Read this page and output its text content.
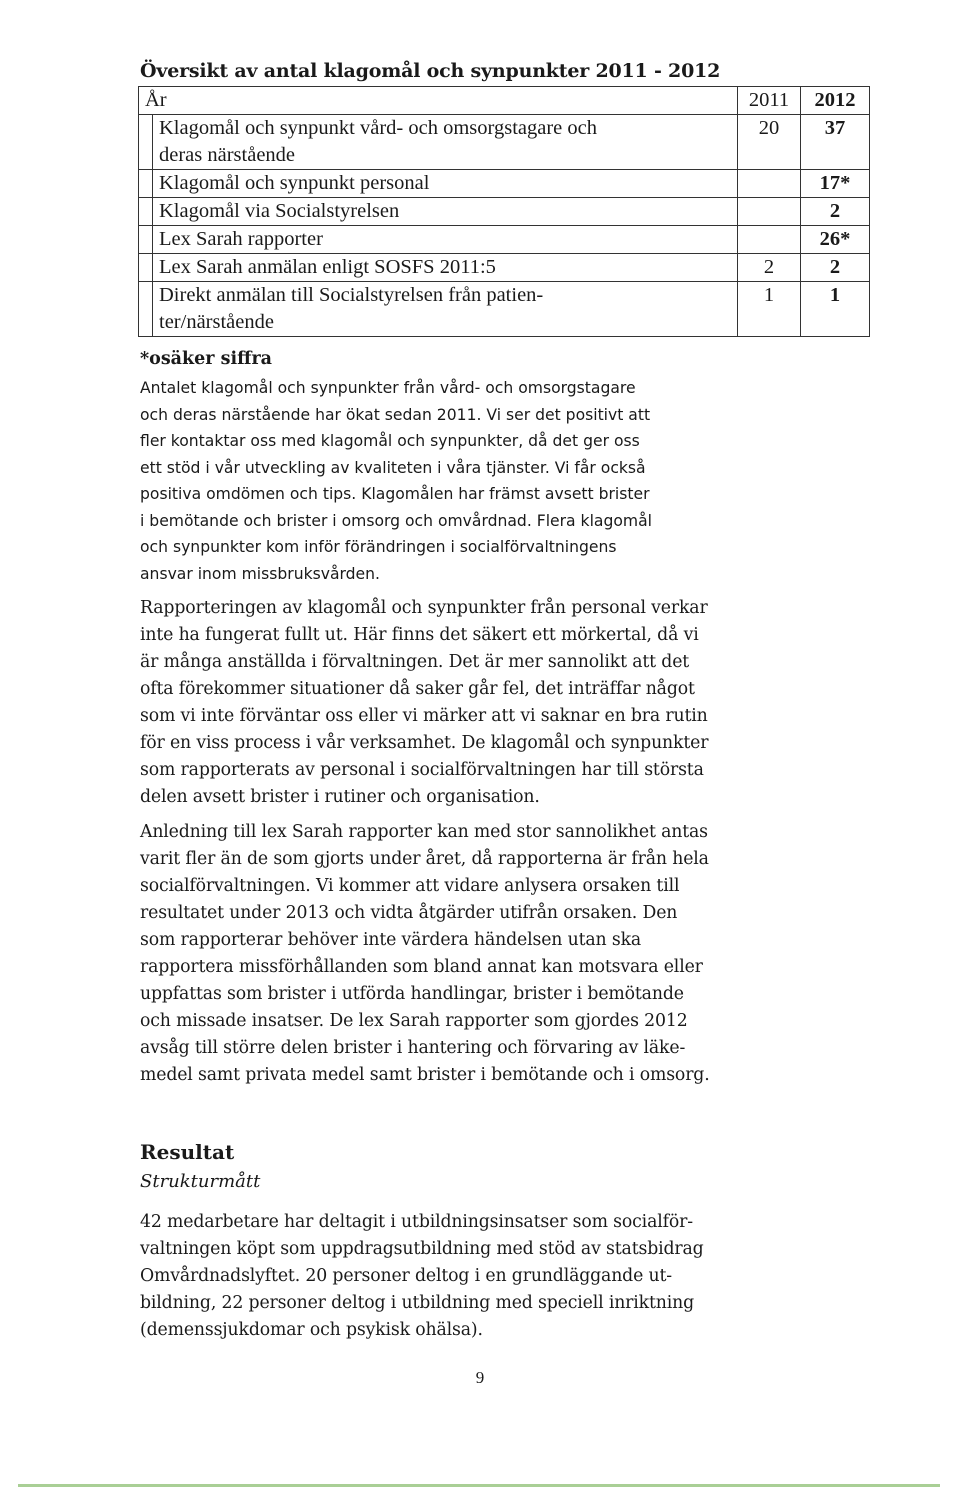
Översikt av antal klagomål och synpunkter 2011 - 2012
År		2011	2012

	Klagomål och synpunkt vård- och omsorgstagare och
deras närstående	20	37

	Klagomål och synpunkt personal		17*

	Klagomål via Socialstyrelsen		2

	Lex Sarah rapporter		26*

	Lex Sarah anmälan enligt SOSFS 2011:5	2	2

	Direkt anmälan till Socialstyrelsen från patien-
ter/närstående	1	1
*osäker siffra

Antalet klagomål och synpunkter från vård- och omsorgstagare
och deras närstående har ökat sedan 2011. Vi ser det positivt att
fler kontaktar oss med klagomål och synpunkter, då det ger oss
ett stöd i vår utveckling av kvaliteten i våra tjänster. Vi får också
positiva omdömen och tips. Klagomålen har främst avsett brister
i bemötande och brister i omsorg och omvårdnad. Flera klagomål
och synpunkter kom inför förändringen i socialförvaltningens
ansvar inom missbruksvården.

Rapporteringen av klagomål och synpunkter från personal verkar
inte ha fungerat fullt ut. Här finns det säkert ett mörkertal, då vi
är många anställda i förvaltningen. Det är mer sannolikt att det
ofta förekommer situationer då saker går fel, det inträffar något
som vi inte förväntar oss eller vi märker att vi saknar en bra rutin
för en viss process i vår verksamhet. De klagomål och synpunkter
som rapporterats av personal i socialförvaltningen har till största
delen avsett brister i rutiner och organisation.

Anledning till lex Sarah rapporter kan med stor sannolikhet antas
varit fler än de som gjorts under året, då rapporterna är från hela
socialförvaltningen. Vi kommer att vidare anlysera orsaken till
resultatet under 2013 och vidta åtgärder utifrån orsaken. Den
som rapporterar behöver inte värdera händelsen utan ska
rapportera missförhållanden som bland annat kan motsvara eller
uppfattas som brister i utförda handlingar, brister i bemötande
och missade insatser. De lex Sarah rapporter som gjordes 2012
avsåg till större delen brister i hantering och förvaring av läke-
medel samt privata medel samt brister i bemötande och i omsorg.

Resultat
Strukturmått

42 medarbetare har deltagit i utbildningsinsatser som socialför-
valtningen köpt som uppdragsutbildning med stöd av statsbidrag
Omvårdnadslyftet. 20 personer deltog i en grundläggande ut-
bildning, 22 personer deltog i utbildning med speciell inriktning
(demenssjukdomar och psykisk ohälsa).

9
